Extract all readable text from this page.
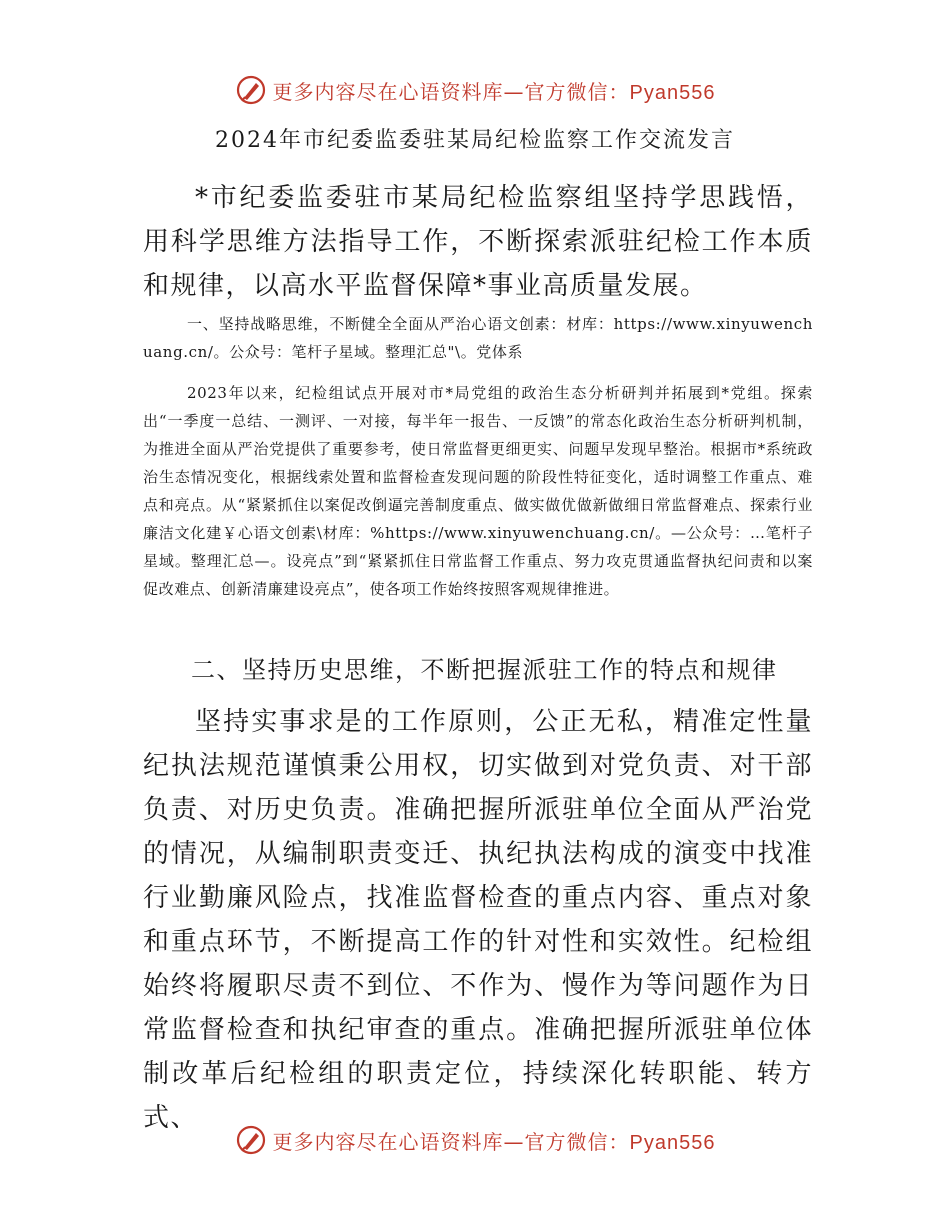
更多内容尽在心语资料库—官方微信：Pyan556
2024年市纪委监委驻某局纪检监察工作交流发言

*市纪委监委驻市某局纪检监察组坚持学思践悟，用科学思维方法指导工作，不断探索派驻纪检工作本质和规律，以高水平监督保障*事业高质量发展。

一、坚持战略思维，不断健全全面从严治心语文创素：材库：https://www.xinyuwenchuang.cn/。公众号：笔杆子星域。整理汇总"\。党体系

2023年以来，纪检组试点开展对市*局党组的政治生态分析研判并拓展到*党组。探索出“一季度一总结、一测评、一对接，每半年一报告、一反馈”的常态化政治生态分析研判机制，为推进全面从严治党提供了重要参考，使日常监督更细更实、问题早发现早整治。根据市*系统政治生态情况变化，根据线索处置和监督检查发现问题的阶段性特征变化，适时调整工作重点、难点和亮点。从“紧紧抓住以案促改倒逼完善制度重点、做实做优做新做细日常监督难点、探索行业廉洁文化建￥心语文创素\材库：%https://www.xinyuwenchuang.cn/。—公众号：…笔杆子星域。整理汇总—。设亮点”到“紧紧抓住日常监督工作重点、努力攻克贯通监督执纪问责和以案促改难点、创新清廉建设亮点”，使各项工作始终按照客观规律推进。

二、坚持历史思维，不断把握派驻工作的特点和规律

坚持实事求是的工作原则，公正无私，精准定性量纪执法规范谨慎秉公用权，切实做到对党负责、对干部负责、对历史负责。准确把握所派驻单位全面从严治党的情况，从编制职责变迁、执纪执法构成的演变中找准行业勤廉风险点，找准监督检查的重点内容、重点对象和重点环节，不断提高工作的针对性和实效性。纪检组始终将履职尽责不到位、不作为、慢作为等问题作为日常监督检查和执纪审查的重点。准确把握所派驻单位体制改革后纪检组的职责定位，持续深化转职能、转方式、

更多内容尽在心语资料库—官方微信：Pyan556
